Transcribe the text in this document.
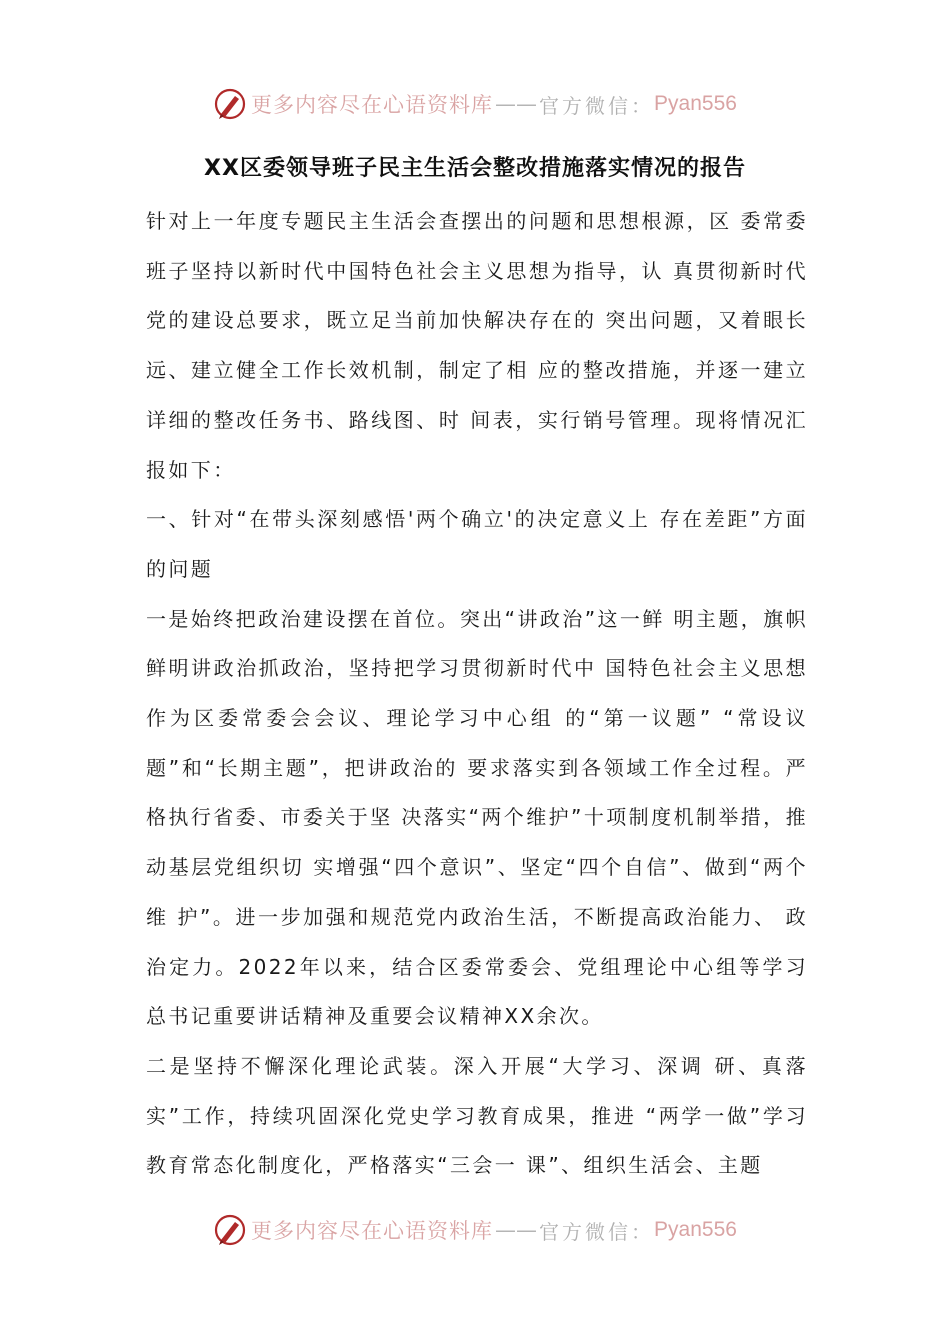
更多内容尽在心语资料库 —— 官方微信： Pyan556
XX区委领导班子民主生活会整改措施落实情况的报告

针对上一年度专题民主生活会查摆出的问题和思想根源，区 委常委班子坚持以新时代中国特色社会主义思想为指导，认 真贯彻新时代党的建设总要求，既立足当前加快解决存在的 突出问题，又着眼长远、建立健全工作长效机制，制定了相 应的整改措施，并逐一建立详细的整改任务书、路线图、时 间表，实行销号管理。现将情况汇报如下：

一、针对“在带头深刻感悟'两个确立'的决定意义上 存在差距”方面的问题

一是始终把政治建设摆在首位。突出“讲政治”这一鲜 明主题，旗帜鲜明讲政治抓政治，坚持把学习贯彻新时代中 国特色社会主义思想作为区委常委会会议、理论学习中心组 的“第一议题” “常设议题”和“长期主题”，把讲政治的 要求落实到各领域工作全过程。严格执行省委、市委关于坚 决落实“两个维护”十项制度机制举措，推动基层党组织切 实增强“四个意识”、坚定“四个自信”、做到“两个维 护”。进一步加强和规范党内政治生活，不断提高政治能力、 政治定力。2022年以来，结合区委常委会、党组理论中心组等学习总书记重要讲话精神及重要会议精神XX余次。

二是坚持不懈深化理论武装。深入开展“大学习、深调 研、真落实”工作，持续巩固深化党史学习教育成果，推进 “两学一做”学习教育常态化制度化，严格落实“三会一 课”、组织生活会、主题

更多内容尽在心语资料库 —— 官方微信： Pyan556
